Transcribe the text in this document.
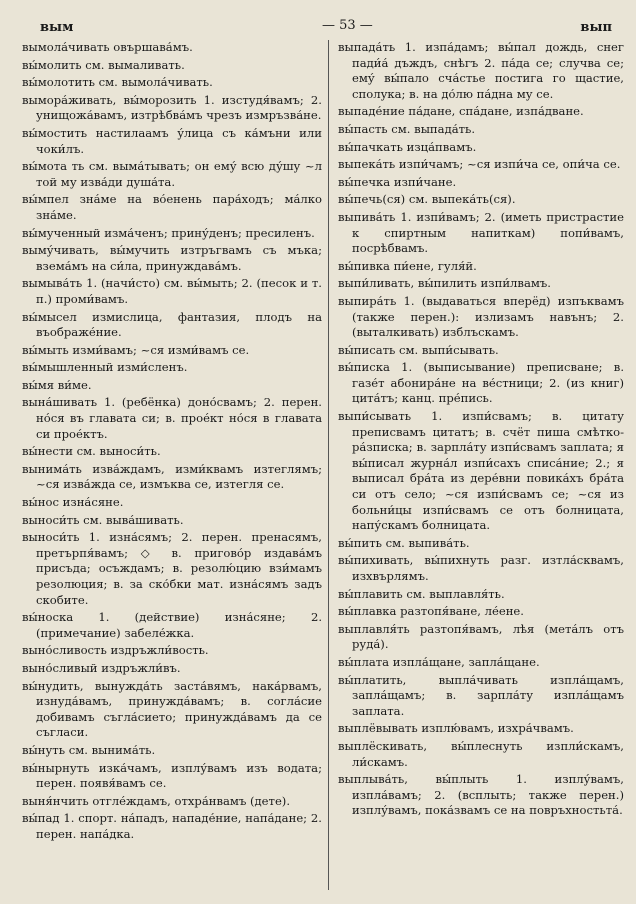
вым	— 53 —	вып

вымола́чивать овършава́мъ.

вы́молить см. вымаливать.

вы́молотить см. вымола́чивать.

вымора́живать, вы́морозить 1. изстудя́вамъ; 2. унищожа́вамъ, изтрѣбва́мъ чрезъ измръзва́не.

вы́мостить настилаамъ у́лица съ ка́мъни или чоки́лъ.

вы́мота ть см. выма́тывать; он ему́ всю ду́шу ~л той му изва́ди душа́та.

вы́мпел зна́ме на во́енень пара́ходъ; ма́лко зна́ме.

вы́мученный изма́ченъ; прину́денъ; пресиленъ.

выму́чивать, вы́мучить изтръгвамъ съ мъка; взема́мъ на си́ла, принуждава́мъ.

вымыва́ть 1. (начи́сто) см. вы́мыть; 2. (песок и т. п.) проми́вамъ.

вы́мысел измислица, фантазия, плодъ на въображе́ние.

вы́мыть изми́вамъ; ~ся изми́вамъ се.

вы́мышленный изми́сленъ.

вы́мя ви́ме.

вына́шивать 1. (ребёнка) доно́свамъ; 2. перен. но́ся въ главата си; в. прое́кт но́ся в главата си прое́ктъ.

вы́нести см. выноси́ть.

вынима́ть изва́ждамъ, изми́квамъ изтеглямъ; ~ся изва́жда се, измъква се, изтегля се.

вы́нос изна́сяне.

выноси́ть см. выва́шивать.

выноси́ть 1. изна́сямъ; 2. перен. пренасямъ, претърпя́вамъ; ◇ в. пригово́р издава́мъ присъда; осъждамъ; в. резолю́цию взи́мамъ резолюция; в. за ско́бки мат. изна́сямъ задъ скобите.

вы́носка 1. (действие) изна́сяне; 2. (примечание) забеле́жка.

выно́сливость издръжли́вость.

выно́сливый издръжли́въ.

вы́нудить, вынужда́ть заста́вямъ, нака́рвамъ, изнуда́вамъ, принужда́вамъ; в. согла́сие добивамъ съгла́сието; принужда́вамъ да се съгласи.

вы́нуть см. вынима́ть.

вы́нырнуть изка́чамъ, изплу́вамъ изъ водата; перен. появя́вамъ се.

выня́нчить отгле́ждамъ, отхра́нвамъ (дете).

вы́пад 1. спорт. на́падъ, нападе́ние, напа́дане; 2. перен. напа́дка.

выпада́ть 1. изпа́дамъ; вы́пал дождь, снег пади́а́ дъждъ, снѣгъ 2. па́да се; случва се; ему́ вы́пало сча́стье постига го щастие, сполука; в. на до́лю па́дна му се.

выпаде́ние па́дане, спа́дане, изпа́дване.

вы́пасть см. выпада́ть.

вы́пачкать изца́пвамъ.

выпека́ть изпи́чамъ; ~ся изпи́ча се, опи́ча се.

вы́печка изпи́чане.

вы́печь(ся) см. выпека́ть(ся).

выпива́ть 1. изпи́вамъ; 2. (иметь пристрастие к спиртным напиткам) попи́вамъ, посрѣбвамъ.

вы́пивка пи́ене, гуля́й.

выпи́ливать, вы́пилить изпи́лвамъ.

выпира́ть 1. (выдаваться вперёд) изпъквамъ (также перен.): излизамъ навънъ; 2. (выталкивать) изблъскамъ.

вы́писать см. выпи́сывать.

вы́писка 1. (выписывание) преписване; в. газе́т абонира́не на ве́стници; 2. (из книг) цита́тъ; канц. пре́пись.

выпи́сывать 1. изпи́свамъ; в. цитату преписвамъ цитатъ; в. счёт пиша смѣтко-ра́зписка; в. зарпла́ту изпи́свамъ заплата; я вы́писал журна́л изпи́сахъ списа́ние; 2.; я выписал бра́та из дере́вни повика́хъ бра́та си отъ село; ~ся изпи́свамъ се; ~ся из больни́цы изпи́свамъ се отъ болницата, напу́скамъ болницата.

вы́пить см. выпива́ть.

вы́пихивать, вы́пихнуть разг. изтла́сквамъ, изхвърлямъ.

вы́плавить см. выплавля́ть.

вы́плавка разтопя́ване, ле́ене.

выплавля́ть разтопя́вамъ, лѣя (мета́лъ отъ руда́).

вы́плата изпла́щане, запла́щане.

вы́платить, выпла́чивать изпла́щамъ, запла́щамъ; в. зарпла́ту изпла́щамъ заплата.

выплёвывать изплю́вамъ, изхра́чвамъ.

выплёскивать, вы́плеснуть изпли́скамъ, ли́скамъ.

выплыва́ть, вы́плыть 1. изплу́вамъ, изпла́вамъ; 2. (всплыть; также перен.) изплу́вамъ, пока́звамъ се на повръхностьта́.
